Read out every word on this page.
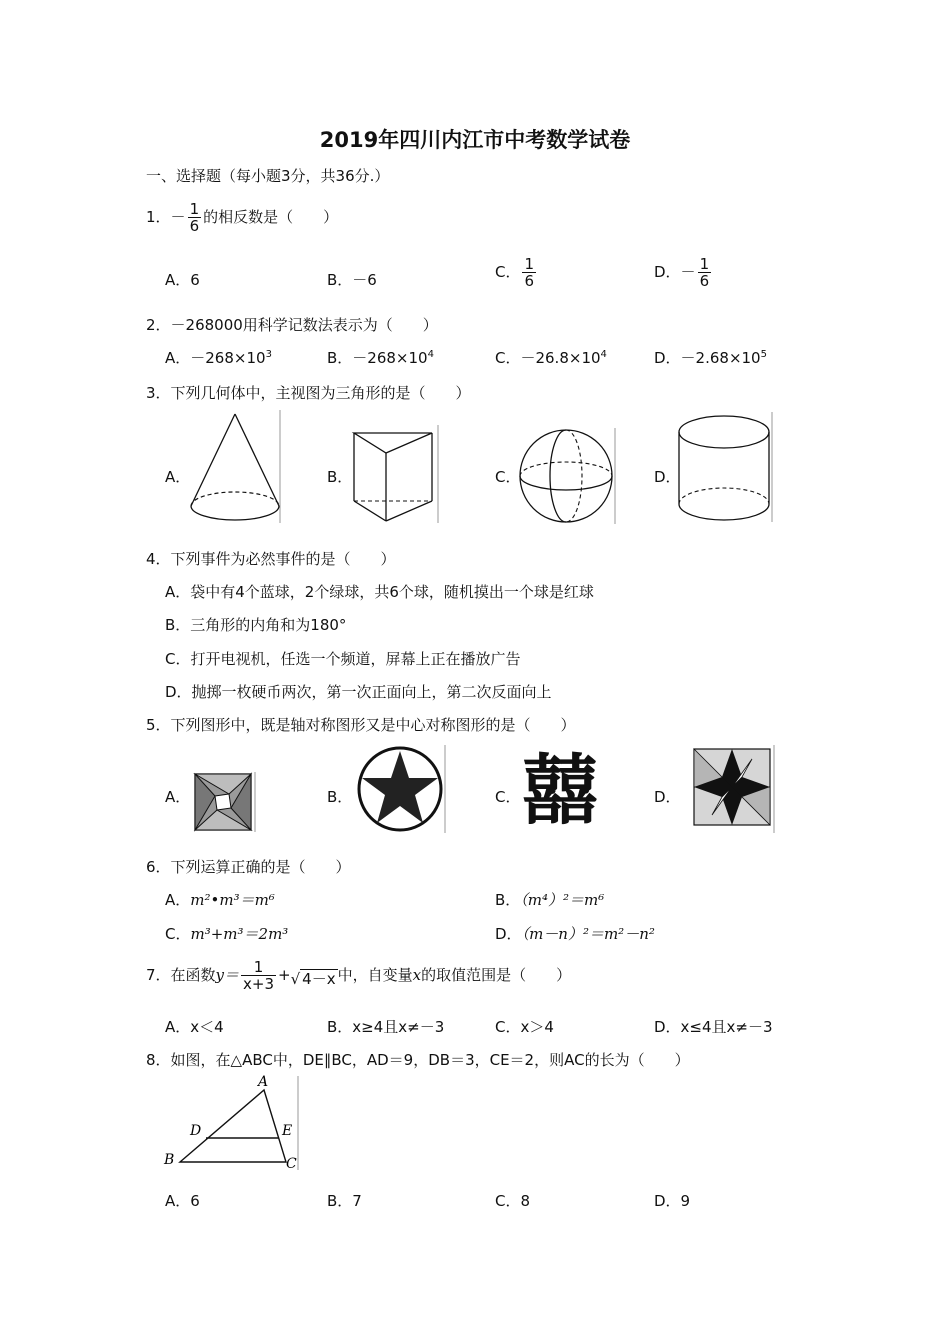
2019年四川内江市中考数学试卷
一、选择题（每小题3分，共36分.）
1．－ $\frac{1}{6}$ 的相反数是（　　）
A．6	B．－6	C． $\frac{1}{6}$	D．－ $\frac{1}{6}$
2．－268000用科学记数法表示为（　　）
A．$-268\times 10^3$	B．$-268\times 10^4$	C．$-26.8\times 10^4$	D．$-2.68\times 10^5$
3．下列几何体中，主视图为三角形的是（　　）
A．	B．	C．	D．
4．下列事件为必然事件的是（　　）
A．袋中有4个蓝球，2个绿球，共6个球，随机摸出一个球是红球
B．三角形的内角和为180°
C．打开电视机，任选一个频道，屏幕上正在播放广告
D．抛掷一枚硬币两次，第一次正面向上，第二次反面向上
5．下列图形中，既是轴对称图形又是中心对称图形的是（　　）
A．	B．	C．	D．
囍
6．下列运算正确的是（　　）
A．m²•m³＝m⁶	B．（m⁴）²＝m⁶
C．m³+m³＝2m³	D．（m－n）²＝m²－n²
7．在函数$y= \frac{1}{x+3}$ +√ 4－x 中，自变量x的取值范围是（　　）
A．x＜4	B．x≥4且x≠－3	C．x＞4	D．x≤4且x≠－3
8．如图，在△ABC中，DE∥BC，AD＝9，DB＝3，CE＝2，则AC的长为（　　）
A
B	C
D	E
A．6	B．7	C．8	D．9
